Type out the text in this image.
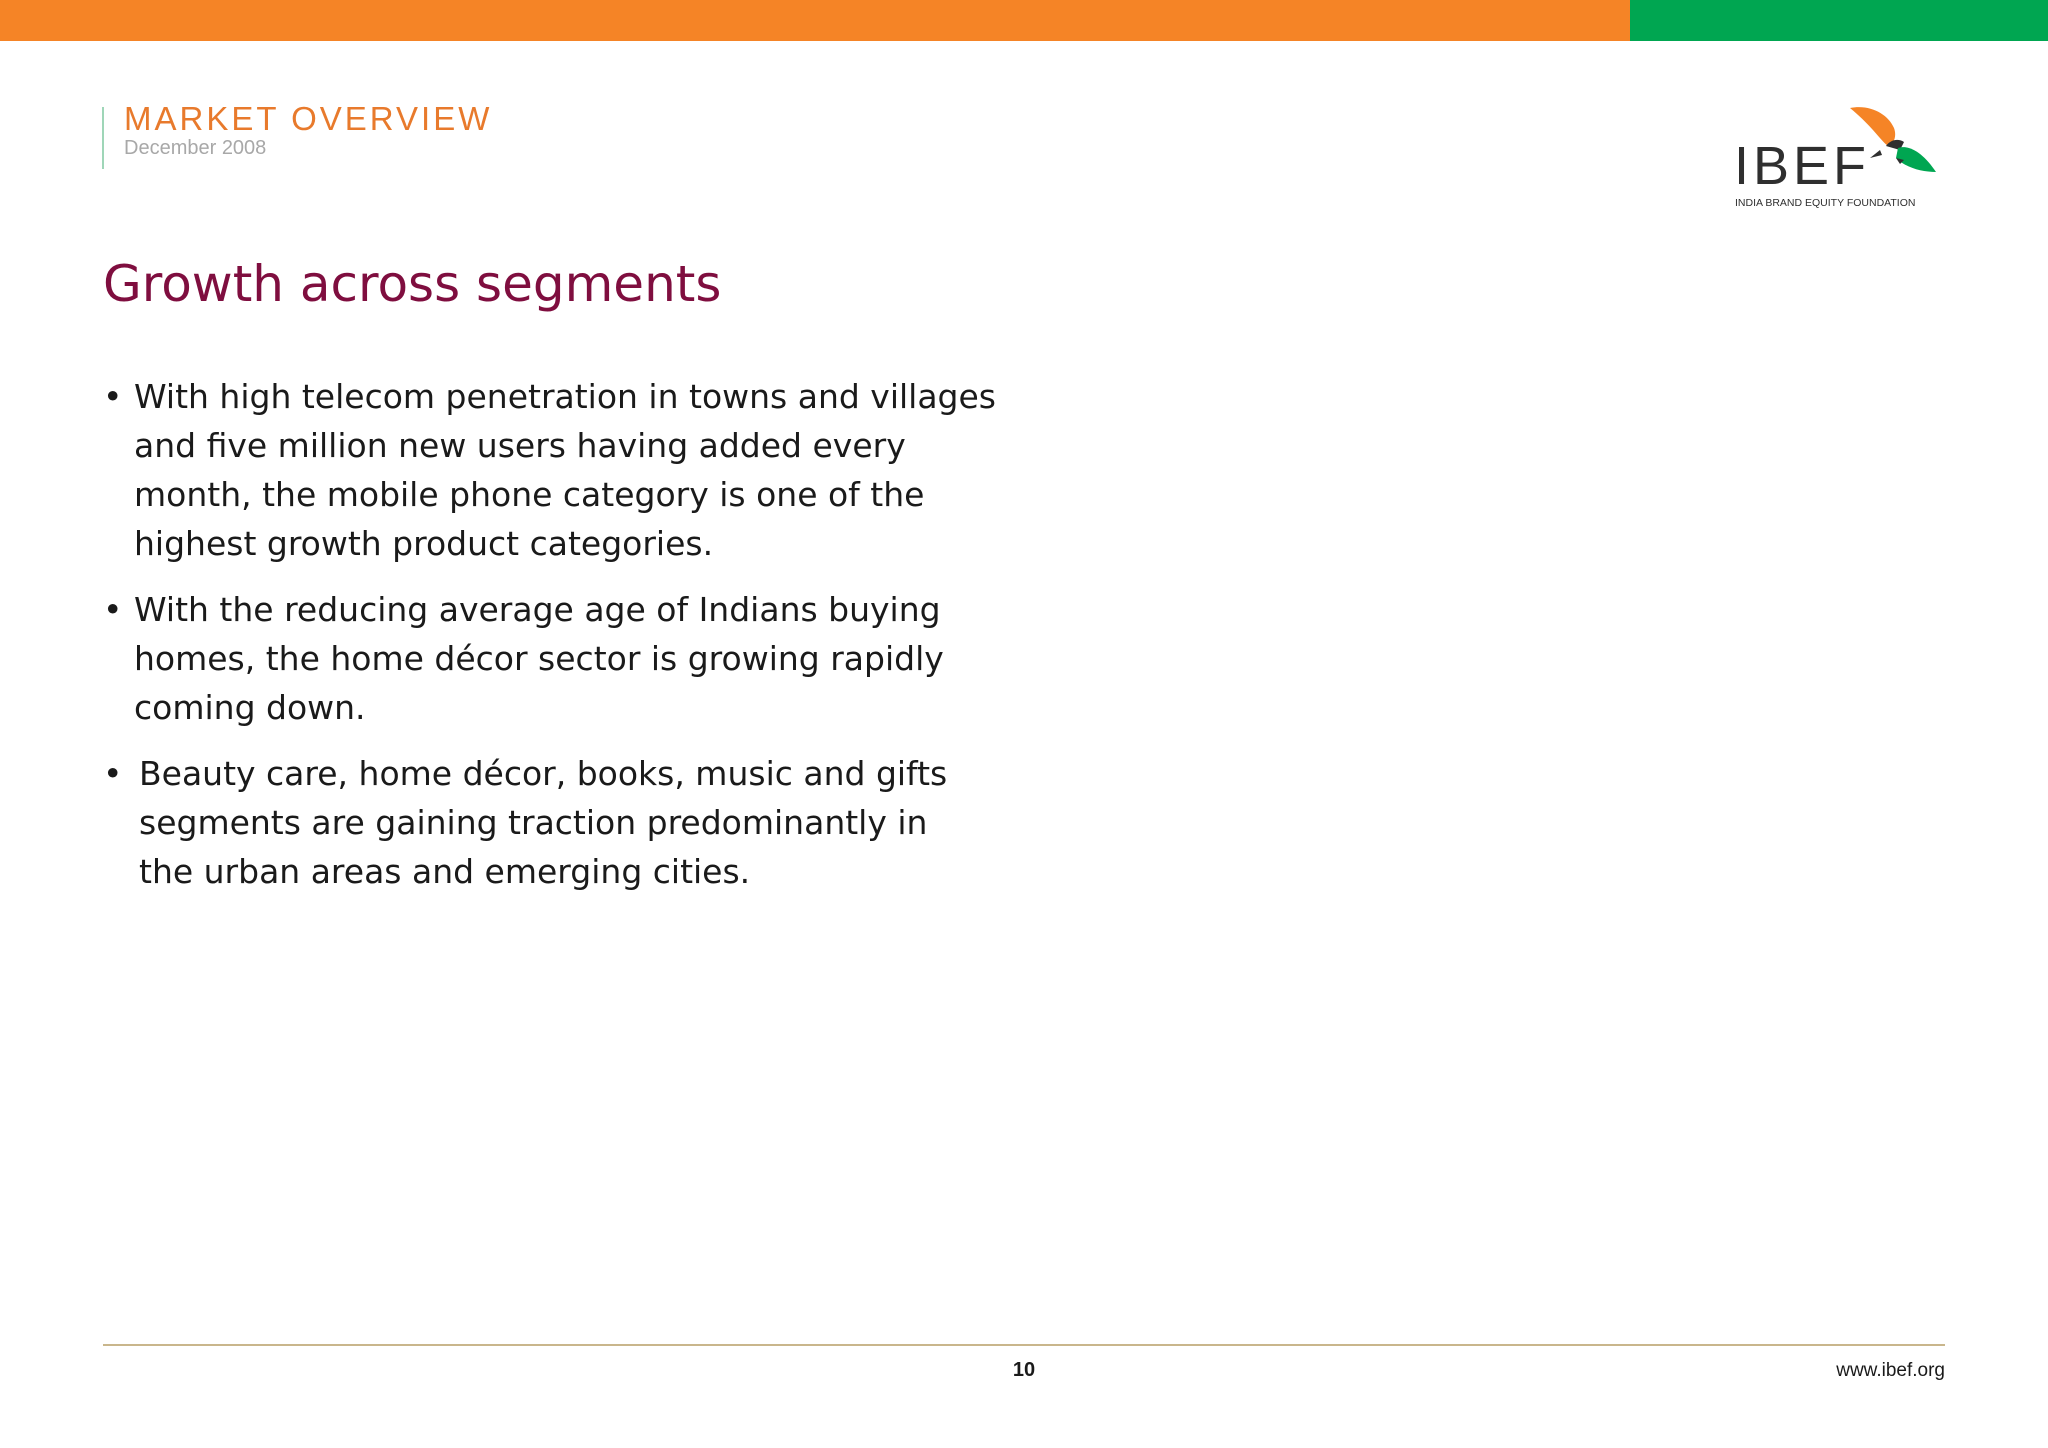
MARKET OVERVIEW
December 2008	IBEF
INDIA BRAND EQUITY FOUNDATION
Growth across segments
• With high telecom penetration in towns and villages and five million new users having added every month, the mobile phone category is one of the highest growth product categories.
• With the reducing average age of Indians buying homes, the home décor sector is growing rapidly coming down.
• Beauty care, home décor, books, music and gifts segments are gaining traction predominantly in the urban areas and emerging cities.
10	www.ibef.org
